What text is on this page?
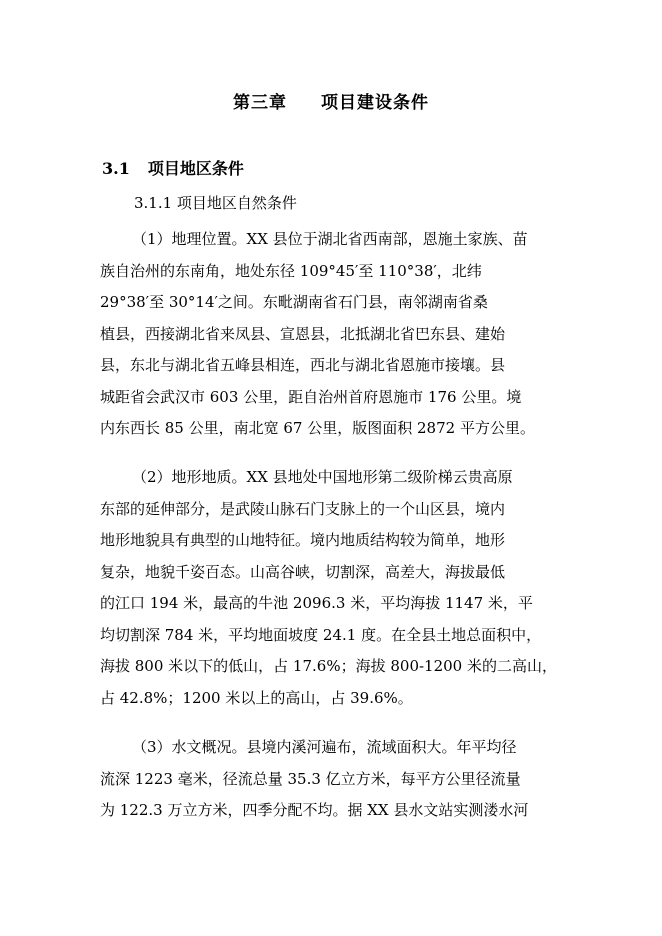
第三章 项目建设条件
3.1 项目地区条件
3.1.1 项目地区自然条件
（1）地理位置。XX 县位于湖北省西南部，恩施土家族、苗
族自治州的东南角，地处东径 109°45′至 110°38′，北纬
29°38′至 30°14′之间。东毗湖南省石门县，南邻湖南省桑
植县，西接湖北省来凤县、宣恩县，北抵湖北省巴东县、建始
县，东北与湖北省五峰县相连，西北与湖北省恩施市接壤。县
城距省会武汉市 603 公里，距自治州首府恩施市 176 公里。境
内东西长 85 公里，南北宽 67 公里，版图面积 2872 平方公里。
（2）地形地质。XX 县地处中国地形第二级阶梯云贵高原
东部的延伸部分，是武陵山脉石门支脉上的一个山区县，境内
地形地貌具有典型的山地特征。境内地质结构较为简单，地形
复杂，地貌千姿百态。山高谷峡，切割深，高差大，海拔最低
的江口 194 米，最高的牛池 2096.3 米，平均海拔 1147 米，平
均切割深 784 米，平均地面坡度 24.1 度。在全县土地总面积中，
海拔 800 米以下的低山，占 17.6%；海拔 800-1200 米的二高山，
占 42.8%；1200 米以上的高山，占 39.6%。
（3）水文概况。县境内溪河遍布，流域面积大。年平均径
流深 1223 毫米，径流总量 35.3 亿立方米，每平方公里径流量
为 122.3 万立方米，四季分配不均。据 XX 县水文站实测溇水河
